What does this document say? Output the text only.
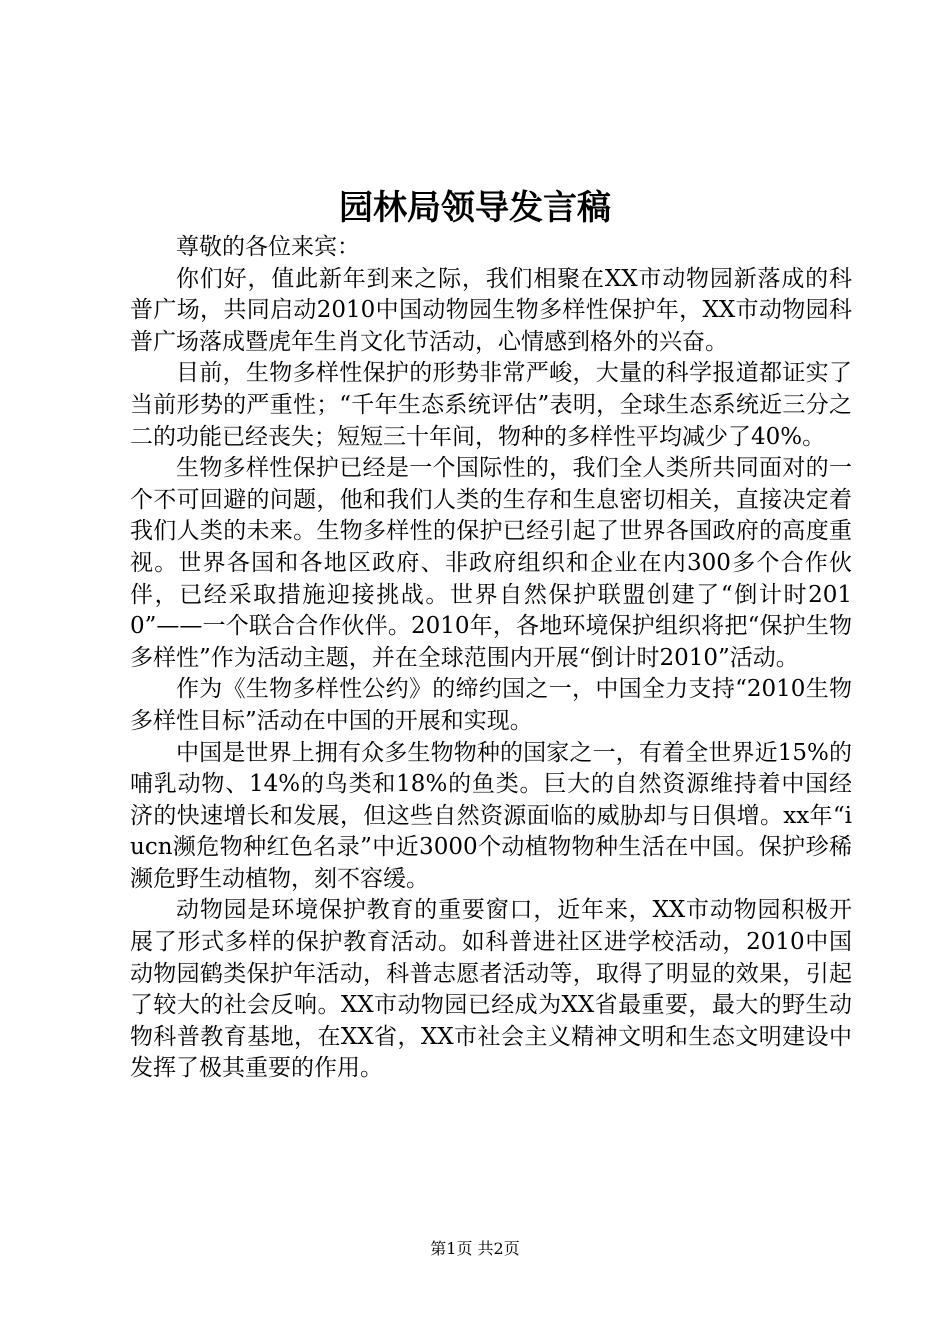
园林局领导发言稿

尊敬的各位来宾：

你们好，值此新年到来之际，我们相聚在XX市动物园新落成的科普广场，共同启动2010中国动物园生物多样性保护年，XX市动物园科普广场落成暨虎年生肖文化节活动，心情感到格外的兴奋。

目前，生物多样性保护的形势非常严峻，大量的科学报道都证实了当前形势的严重性；“千年生态系统评估”表明，全球生态系统近三分之二的功能已经丧失；短短三十年间，物种的多样性平均减少了40%。

生物多样性保护已经是一个国际性的，我们全人类所共同面对的一个不可回避的问题，他和我们人类的生存和生息密切相关，直接决定着我们人类的未来。生物多样性的保护已经引起了世界各国政府的高度重视。世界各国和各地区政府、非政府组织和企业在内300多个合作伙伴，已经采取措施迎接挑战。世界自然保护联盟创建了“倒计时2010”——一个联合合作伙伴。2010年，各地环境保护组织将把“保护生物多样性”作为活动主题，并在全球范围内开展“倒计时2010”活动。

作为《生物多样性公约》的缔约国之一，中国全力支持“2010生物多样性目标”活动在中国的开展和实现。

中国是世界上拥有众多生物物种的国家之一，有着全世界近15%的哺乳动物、14%的鸟类和18%的鱼类。巨大的自然资源维持着中国经济的快速增长和发展，但这些自然资源面临的威胁却与日俱增。xx年“iucn濒危物种红色名录”中近3000个动植物物种生活在中国。保护珍稀濒危野生动植物，刻不容缓。

动物园是环境保护教育的重要窗口，近年来，XX市动物园积极开展了形式多样的保护教育活动。如科普进社区进学校活动，2010中国动物园鹤类保护年活动，科普志愿者活动等，取得了明显的效果，引起了较大的社会反响。XX市动物园已经成为XX省最重要，最大的野生动物科普教育基地，在XX省，XX市社会主义精神文明和生态文明建设中发挥了极其重要的作用。

第1页 共2页
